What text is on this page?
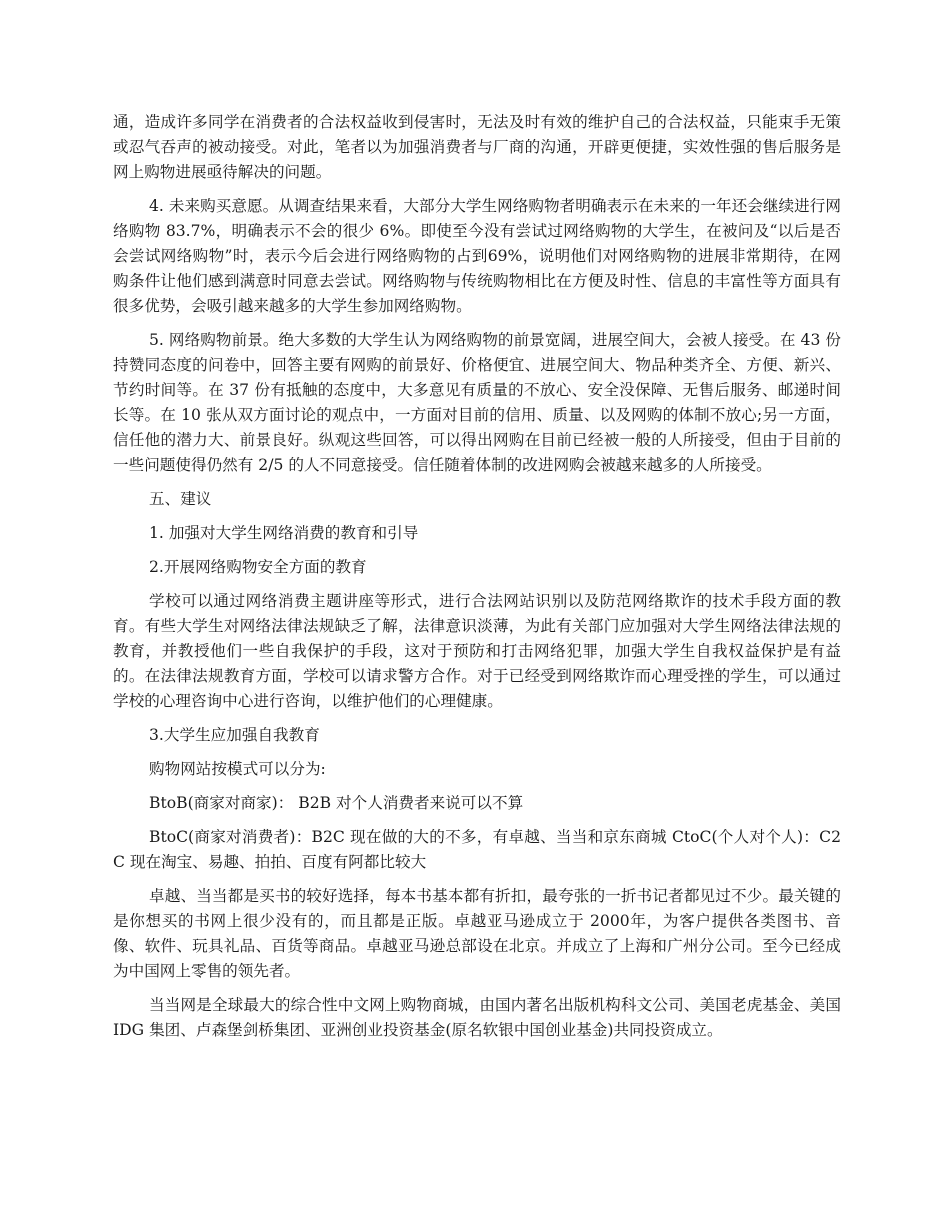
通，造成许多同学在消费者的合法权益收到侵害时，无法及时有效的维护自己的合法权益，只能束手无策或忍气吞声的被动接受。对此，笔者以为加强消费者与厂商的沟通，开辟更便捷，实效性强的售后服务是网上购物进展亟待解决的问题。

4. 未来购买意愿。从调查结果来看，大部分大学生网络购物者明确表示在未来的一年还会继续进行网络购物 83.7%，明确表示不会的很少 6%。即使至今没有尝试过网络购物的大学生，在被问及“以后是否会尝试网络购物”时，表示今后会进行网络购物的占到69%，说明他们对网络购物的进展非常期待，在网购条件让他们感到满意时同意去尝试。网络购物与传统购物相比在方便及时性、信息的丰富性等方面具有很多优势，会吸引越来越多的大学生参加网络购物。

5. 网络购物前景。绝大多数的大学生认为网络购物的前景宽阔，进展空间大，会被人接受。在 43 份持赞同态度的问卷中，回答主要有网购的前景好、价格便宜、进展空间大、物品种类齐全、方便、新兴、节约时间等。在 37 份有抵触的态度中，大多意见有质量的不放心、安全没保障、无售后服务、邮递时间长等。在 10 张从双方面讨论的观点中，一方面对目前的信用、质量、以及网购的体制不放心;另一方面，信任他的潜力大、前景良好。纵观这些回答，可以得出网购在目前已经被一般的人所接受，但由于目前的一些问题使得仍然有 2/5 的人不同意接受。信任随着体制的改进网购会被越来越多的人所接受。

五、建议

1. 加强对大学生网络消费的教育和引导

2.开展网络购物安全方面的教育

学校可以通过网络消费主题讲座等形式，进行合法网站识别以及防范网络欺诈的技术手段方面的教育。有些大学生对网络法律法规缺乏了解，法律意识淡薄，为此有关部门应加强对大学生网络法律法规的教育，并教授他们一些自我保护的手段，这对于预防和打击网络犯罪，加强大学生自我权益保护是有益的。在法律法规教育方面，学校可以请求警方合作。对于已经受到网络欺诈而心理受挫的学生，可以通过学校的心理咨询中心进行咨询，以维护他们的心理健康。

3.大学生应加强自我教育

购物网站按模式可以分为:

BtoB(商家对商家)： B2B 对个人消费者来说可以不算

BtoC(商家对消费者)：B2C 现在做的大的不多，有卓越、当当和京东商城 CtoC(个人对个人)：C2C 现在淘宝、易趣、拍拍、百度有阿都比较大

卓越、当当都是买书的较好选择，每本书基本都有折扣，最夸张的一折书记者都见过不少。最关键的是你想买的书网上很少没有的，而且都是正版。卓越亚马逊成立于 2000年，为客户提供各类图书、音像、软件、玩具礼品、百货等商品。卓越亚马逊总部设在北京。并成立了上海和广州分公司。至今已经成为中国网上零售的领先者。

当当网是全球最大的综合性中文网上购物商城，由国内著名出版机构科文公司、美国老虎基金、美国 IDG 集团、卢森堡剑桥集团、亚洲创业投资基金(原名软银中国创业基金)共同投资成立。
